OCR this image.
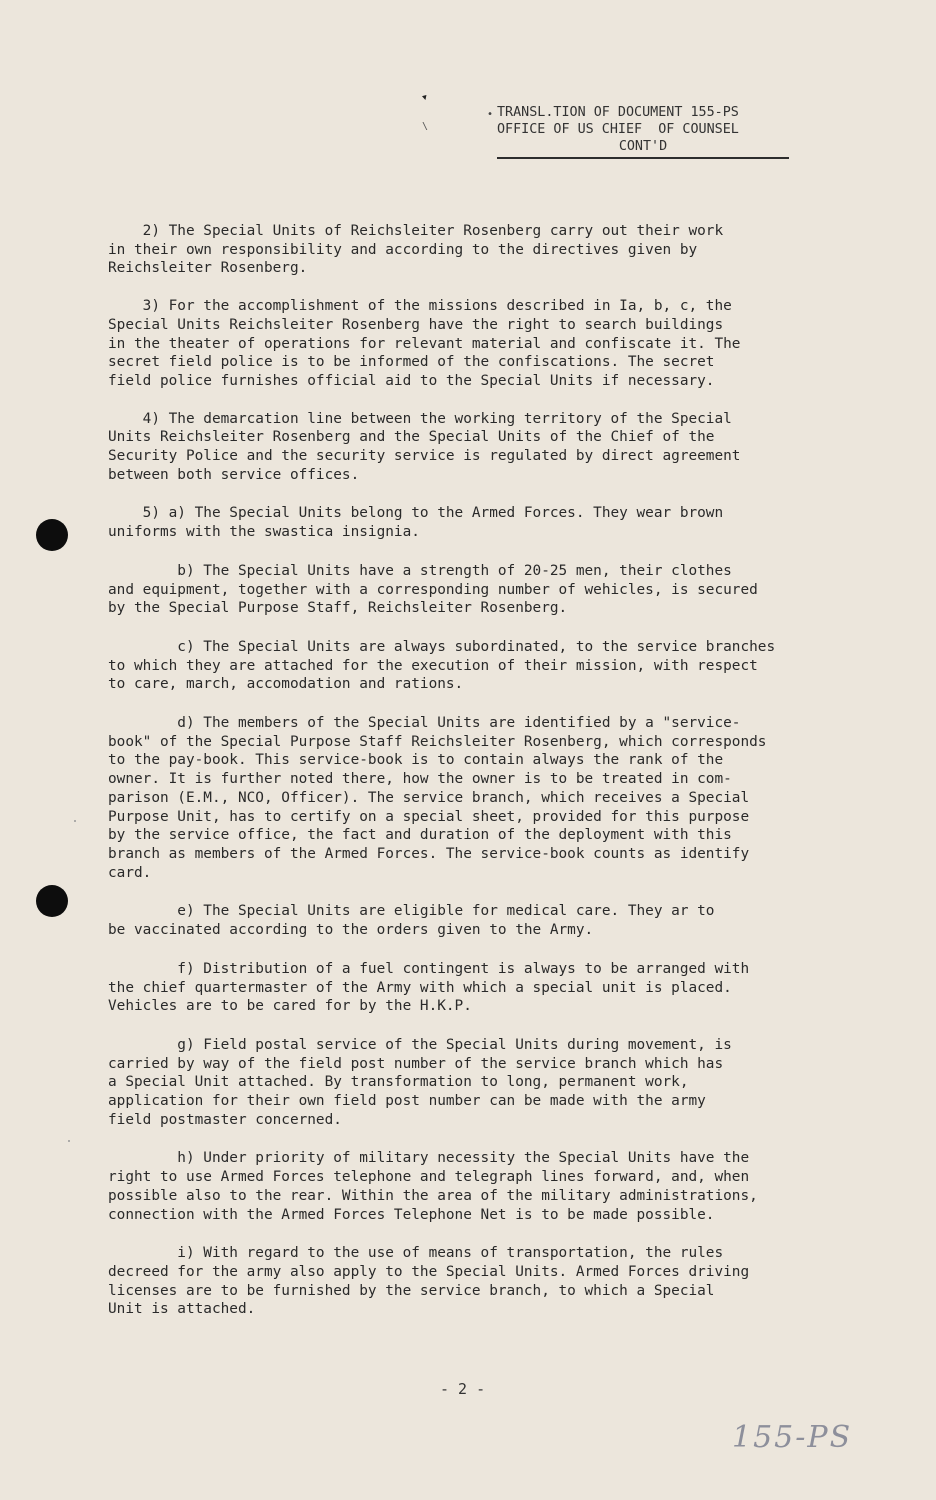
▾
\
• TRANSL.TION OF DOCUMENT 155-PS
OFFICE OF US CHIEF  OF COUNSEL
CONT'D

2) The Special Units of Reichsleiter Rosenberg carry out their work
in their own responsibility and according to the directives given by
Reichsleiter Rosenberg.

3) For the accomplishment of the missions described in Ia, b, c, the
Special Units Reichsleiter Rosenberg have the right to search buildings
in the theater of operations for relevant material and confiscate it. The
secret field police is to be informed of the confiscations. The secret
field police furnishes official aid to the Special Units if necessary.

4) The demarcation line between the working territory of the Special
Units Reichsleiter Rosenberg and the Special Units of the Chief of the
Security Police and the security service is regulated by direct agreement
between both service offices.

5) a) The Special Units belong to the Armed Forces. They wear brown
uniforms with the swastica insignia.

b) The Special Units have a strength of 20-25 men, their clothes
and equipment, together with a corresponding number of wehicles, is secured
by the Special Purpose Staff, Reichsleiter Rosenberg.

c) The Special Units are always subordinated, to the service branches
to which they are attached for the execution of their mission, with respect
to care, march, accomodation and rations.

d) The members of the Special Units are identified by a "service-
book" of the Special Purpose Staff Reichsleiter Rosenberg, which corresponds
to the pay-book. This service-book is to contain always the rank of the
owner. It is further noted there, how the owner is to be treated in com-
parison (E.M., NCO, Officer). The service branch, which receives a Special
Purpose Unit, has to certify on a special sheet, provided for this purpose
by the service office, the fact and duration of the deployment with this
branch as members of the Armed Forces. The service-book counts as identify
card.

e) The Special Units are eligible for medical care. They ar to
be vaccinated according to the orders given to the Army.

f) Distribution of a fuel contingent is always to be arranged with
the chief quartermaster of the Army with which a special unit is placed.
Vehicles are to be cared for by the H.K.P.

g) Field postal service of the Special Units during movement, is
carried by way of the field post number of the service branch which has
a Special Unit attached. By transformation to long, permanent work,
application for their own field post number can be made with the army
field postmaster concerned.

h) Under priority of military necessity the Special Units have the
right to use Armed Forces telephone and telegraph lines forward, and, when
possible also to the rear. Within the area of the military administrations,
connection with the Armed Forces Telephone Net is to be made possible.

i) With regard to the use of means of transportation, the rules
decreed for the army also apply to the Special Units. Armed Forces driving
licenses are to be furnished by the service branch, to which a Special
Unit is attached.

- 2 -
155-PS
